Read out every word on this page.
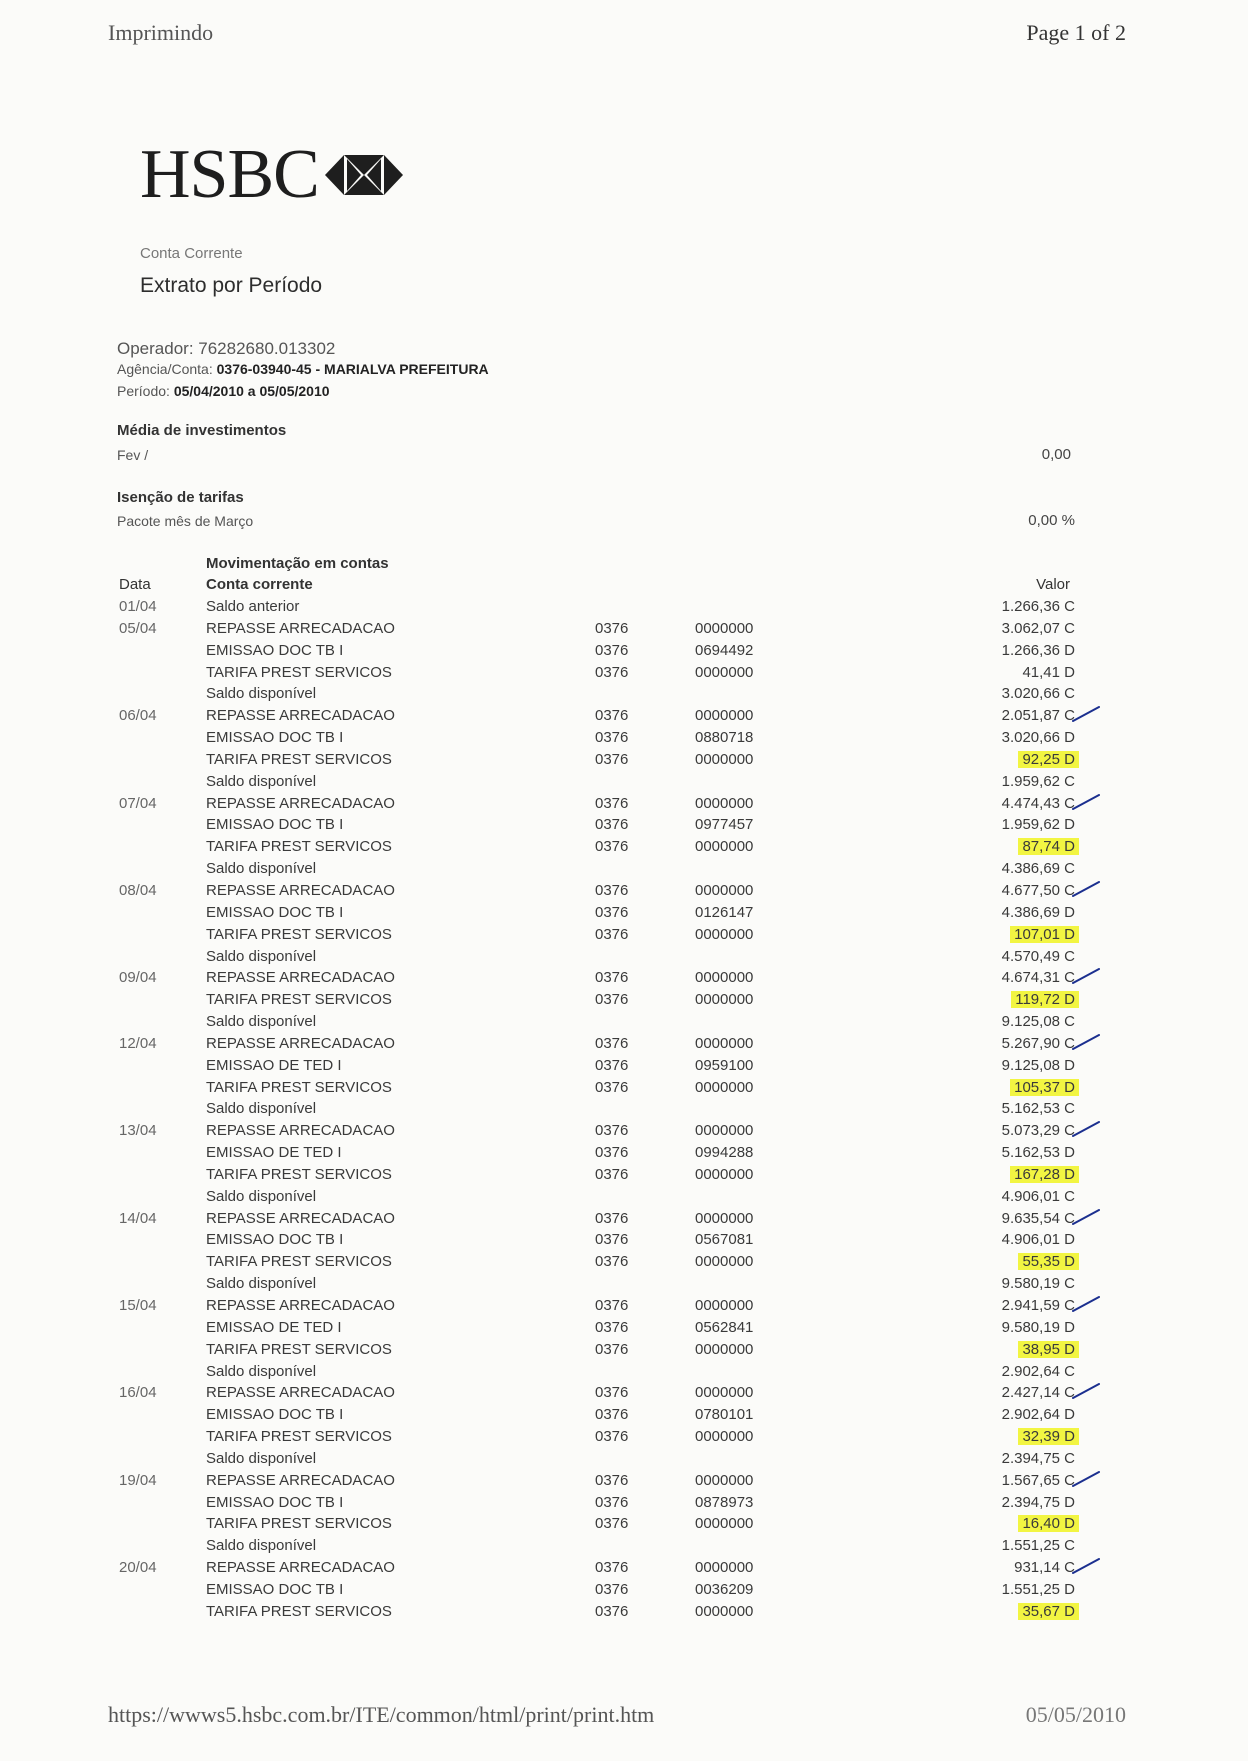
Imprimindo	Page 1 of 2
HSBC
Conta Corrente
Extrato por Período
Operador: 76282680.013302
Agência/Conta: 0376-03940-45 - MARIALVA PREFEITURA
Período: 05/04/2010 a 05/05/2010
Média de investimentos
Fev /	0,00
Isenção de tarifas
Pacote mês de Março	0,00 %
Movimentação em contas
Data	Conta corrente	Valor
01/04	Saldo anterior	1.266,36 C
05/04	REPASSE ARRECADACAO	0376	0000000	3.062,07 C
EMISSAO DOC TB I	0376	0694492	1.266,36 D
TARIFA PREST SERVICOS	0376	0000000	41,41 D
Saldo disponível	3.020,66 C
06/04	REPASSE ARRECADACAO	0376	0000000	2.051,87 C
EMISSAO DOC TB I	0376	0880718	3.020,66 D
TARIFA PREST SERVICOS	0376	0000000	92,25 D
Saldo disponível	1.959,62 C
07/04	REPASSE ARRECADACAO	0376	0000000	4.474,43 C
EMISSAO DOC TB I	0376	0977457	1.959,62 D
TARIFA PREST SERVICOS	0376	0000000	87,74 D
Saldo disponível	4.386,69 C
08/04	REPASSE ARRECADACAO	0376	0000000	4.677,50 C
EMISSAO DOC TB I	0376	0126147	4.386,69 D
TARIFA PREST SERVICOS	0376	0000000	107,01 D
Saldo disponível	4.570,49 C
09/04	REPASSE ARRECADACAO	0376	0000000	4.674,31 C
TARIFA PREST SERVICOS	0376	0000000	119,72 D
Saldo disponível	9.125,08 C
12/04	REPASSE ARRECADACAO	0376	0000000	5.267,90 C
EMISSAO DE TED I	0376	0959100	9.125,08 D
TARIFA PREST SERVICOS	0376	0000000	105,37 D
Saldo disponível	5.162,53 C
13/04	REPASSE ARRECADACAO	0376	0000000	5.073,29 C
EMISSAO DE TED I	0376	0994288	5.162,53 D
TARIFA PREST SERVICOS	0376	0000000	167,28 D
Saldo disponível	4.906,01 C
14/04	REPASSE ARRECADACAO	0376	0000000	9.635,54 C
EMISSAO DOC TB I	0376	0567081	4.906,01 D
TARIFA PREST SERVICOS	0376	0000000	55,35 D
Saldo disponível	9.580,19 C
15/04	REPASSE ARRECADACAO	0376	0000000	2.941,59 C
EMISSAO DE TED I	0376	0562841	9.580,19 D
TARIFA PREST SERVICOS	0376	0000000	38,95 D
Saldo disponível	2.902,64 C
16/04	REPASSE ARRECADACAO	0376	0000000	2.427,14 C
EMISSAO DOC TB I	0376	0780101	2.902,64 D
TARIFA PREST SERVICOS	0376	0000000	32,39 D
Saldo disponível	2.394,75 C
19/04	REPASSE ARRECADACAO	0376	0000000	1.567,65 C
EMISSAO DOC TB I	0376	0878973	2.394,75 D
TARIFA PREST SERVICOS	0376	0000000	16,40 D
Saldo disponível	1.551,25 C
20/04	REPASSE ARRECADACAO	0376	0000000	931,14 C
EMISSAO DOC TB I	0376	0036209	1.551,25 D
TARIFA PREST SERVICOS	0376	0000000	35,67 D
https://wwws5.hsbc.com.br/ITE/common/html/print/print.htm	05/05/2010
